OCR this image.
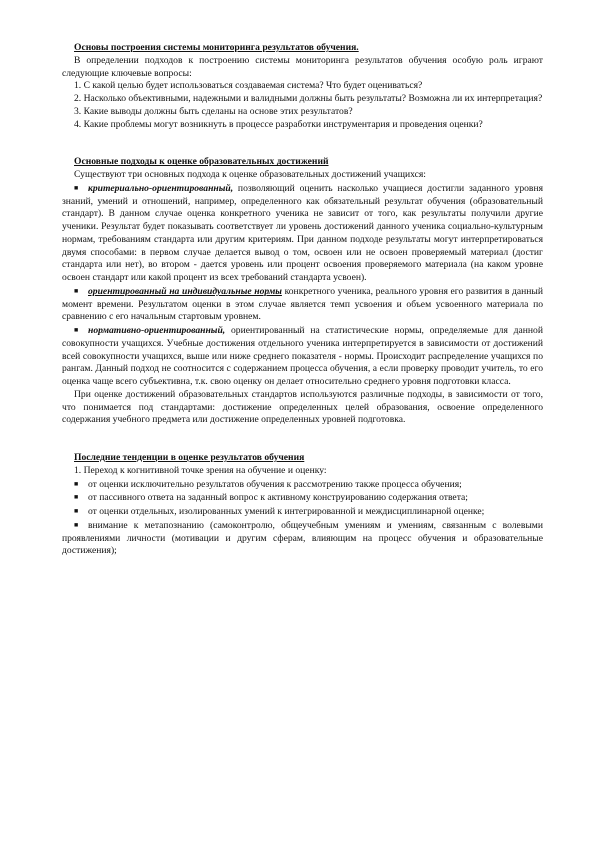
Основы построения системы мониторинга результатов обучения.

В определении подходов к построению системы мониторинга результатов обучения особую роль играют следующие ключевые вопросы:

1. С какой целью будет использоваться создаваемая система? Что будет оцениваться?

2. Насколько объективными, надежными и валидными должны быть результаты? Возможна ли их интерпретация?

3. Какие выводы должны быть сделаны на основе этих результатов?

4. Какие проблемы могут возникнуть в процессе разработки инструментария и проведения оценки?

Основные подходы к оценке образовательных достижений

Существуют три основных подхода к оценке образовательных достижений учащихся:

■ критериально-ориентированный, позволяющий оценить насколько учащиеся достигли заданного уровня знаний, умений и отношений, например, определенного как обязательный результат обучения (образовательный стандарт). В данном случае оценка конкретного ученика не зависит от того, как результаты получили другие ученики. Результат будет показывать соответствует ли уровень достижений данного ученика социально-культурным нормам, требованиям стандарта или другим критериям. При данном подходе результаты могут интерпретироваться двумя способами: в первом случае делается вывод о том, освоен или не освоен проверяемый материал (достиг стандарта или нет), во втором - дается уровень или процент освоения проверяемого материала (на каком уровне освоен стандарт или какой процент из всех требований стандарта усвоен).

■ ориентированный на индивидуальные нормы конкретного ученика, реального уровня его развития в данный момент времени. Результатом оценки в этом случае является темп усвоения и объем усвоенного материала по сравнению с его начальным стартовым уровнем.

■ нормативно-ориентированный, ориентированный на статистические нормы, определяемые для данной совокупности учащихся. Учебные достижения отдельного ученика интерпретируется в зависимости от достижений всей совокупности учащихся, выше или ниже среднего показателя - нормы. Происходит распределение учащихся по рангам. Данный подход не соотносится с содержанием процесса обучения, а если проверку проводит учитель, то его оценка чаще всего субъективна, т.к. свою оценку он делает относительно среднего уровня подготовки класса.

При оценке достижений образовательных стандартов используются различные подходы, в зависимости от того, что понимается под стандартами: достижение определенных целей образования, освоение определенного содержания учебного предмета или достижение определенных уровней подготовка.

Последние тенденции в оценке результатов обучения

1. Переход к когнитивной точке зрения на обучение и оценку:

■ от оценки исключительно результатов обучения к рассмотрению также процесса обучения;

■ от пассивного ответа на заданный вопрос к активному конструированию содержания ответа;

■ от оценки отдельных, изолированных умений к интегрированной и междисциплинарной оценке;

■ внимание к метапознанию (самоконтролю, общеучебным умениям и умениям, связанным с волевыми проявлениями личности (мотивации и другим сферам, влияющим на процесс обучения и образовательные достижения);
